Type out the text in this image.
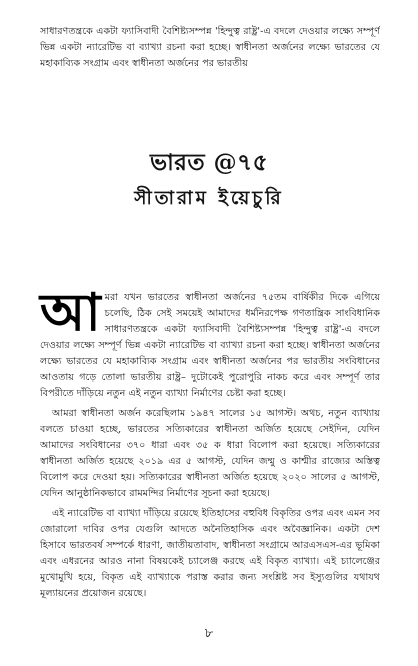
সাধারণতন্ত্রকে একটা ফ্যাসিবাদী বৈশিষ্ট্যসম্পন্ন 'হিন্দুত্ব রাষ্ট্র'-এ বদলে দেওয়ার লক্ষ্যে সম্পূর্ণ ভিন্ন একটা ন্যারেটিভ বা ব্যাখ্যা রচনা করা হচ্ছে। স্বাধীনতা অর্জনের লক্ষ্যে ভারতের যে মহাকাব্যিক সংগ্রাম এবং স্বাধীনতা অর্জনের পর ভারতীয়

ভারত @৭৫
সীতারাম ইয়েচুরি

আমরা যখন ভারতের স্বাধীনতা অর্জনের ৭৫তম বার্ষিকীর দিকে এগিয়ে চলেছি, ঠিক সেই সময়েই আমাদের ধর্মনিরপেক্ষ গণতান্ত্রিক সাংবিধানিক সাধারণতন্ত্রকে একটা ফ্যাসিবাদী বৈশিষ্ট্যসম্পন্ন 'হিন্দুত্ব রাষ্ট্র'-এ বদলে দেওয়ার লক্ষ্যে সম্পূর্ণ ভিন্ন একটা ন্যারেটিভ বা ব্যাখ্যা রচনা করা হচ্ছে। স্বাধীনতা অর্জনের লক্ষ্যে ভারতের যে মহাকাব্যিক সংগ্রাম এবং স্বাধীনতা অর্জনের পর ভারতীয় সংবিধানের আওতায় গড়ে তোলা ভারতীয় রাষ্ট্র– দুটোকেই পুরোপুরি নাকচ করে এবং সম্পূর্ণ তার বিপরীতে দাঁড়িয়ে নতুন এই নতুন ব্যাখ্যা নির্মাণের চেষ্টা করা হচ্ছে।

আমরা স্বাধীনতা অর্জন করেছিলাম ১৯৪৭ সালের ১৫ আগস্ট। অথচ, নতুন ব্যাখ্যায় বলতে চাওয়া হচ্ছে, ভারতের সত্যিকারের স্বাধীনতা অর্জিত হয়েছে সেইদিন, যেদিন আমাদের সংবিধানের ৩৭০ ধারা এবং ৩৫ ক ধারা বিলোপ করা হয়েছে। সত্যিকারের স্বাধীনতা অর্জিত হয়েছে ২০১৯ এর ৫ আগস্ট, যেদিন জম্মু ও কাশ্মীর রাজ্যের অস্তিত্ব বিলোপ করে দেওয়া হয়। সত্যিকারের স্বাধীনতা অর্জিত হয়েছে ২০২০ সালের ৫ আগস্ট, যেদিন আনুষ্ঠানিকভাবে রামমন্দির নির্মাণের সূচনা করা হয়েছে।

এই ন্যারেটিভ বা ব্যাখ্যা দাঁড়িয়ে রয়েছে ইতিহাসের বহুবিধ বিকৃতির ওপর এবং এমন সব জোরালো দাবির ওপর যেগুলি আদতে অনৈতিহাসিক এবং অবৈজ্ঞানিক। একটা দেশ হিসাবে ভারতবর্ষ সম্পর্কে ধারণা, জাতীয়তাবাদ, স্বাধীনতা সংগ্রামে আরএসএস-এর ভূমিকা এবং এধরনের আরও নানা বিষয়কেই চ্যালেঞ্জ করছে এই বিকৃত ব্যাখ্যা। এই চ্যালেঞ্জের মুখোমুখি হয়ে, বিকৃত এই ব্যাখ্যাকে পরাস্ত করার জন্য সংশ্লিষ্ট সব ইস্যুগুলির যথাযথ মূল্যায়নের প্রয়োজন রয়েছে।

৮
